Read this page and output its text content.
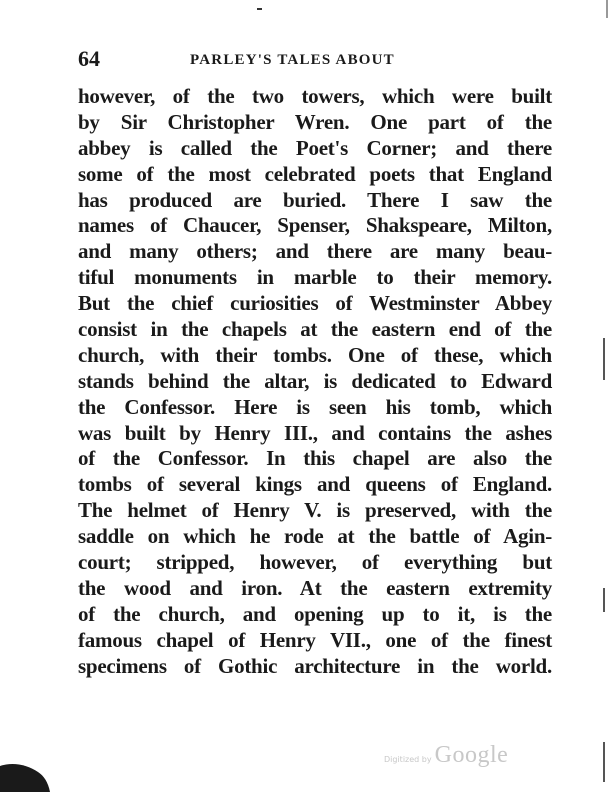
64	PARLEY'S TALES ABOUT
however, of the two towers, which were built
by Sir Christopher Wren. One part of the
abbey is called the Poet's Corner; and there
some of the most celebrated poets that England
has produced are buried. There I saw the
names of Chaucer, Spenser, Shakspeare, Milton,
and many others; and there are many beau-
tiful monuments in marble to their memory.
But the chief curiosities of Westminster Abbey
consist in the chapels at the eastern end of the
church, with their tombs. One of these, which
stands behind the altar, is dedicated to Edward
the Confessor. Here is seen his tomb, which
was built by Henry III., and contains the ashes
of the Confessor. In this chapel are also the
tombs of several kings and queens of England.
The helmet of Henry V. is preserved, with the
saddle on which he rode at the battle of Agin-
court; stripped, however, of everything but
the wood and iron. At the eastern extremity
of the church, and opening up to it, is the
famous chapel of Henry VII., one of the finest
specimens of Gothic architecture in the world.
Digitized by Google
